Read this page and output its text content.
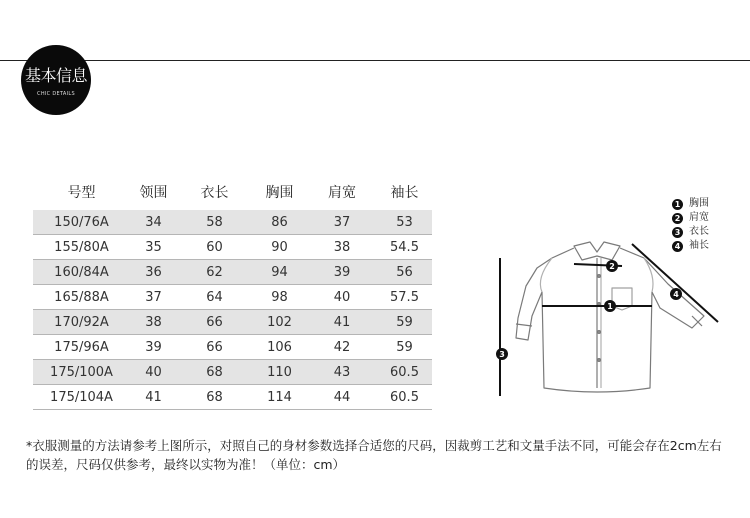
基本信息
CHIC DETAILS
号型	领围	衣长	胸围	肩宽	袖长
150/76A	34	58	86	37	53
155/80A	35	60	90	38	54.5
160/84A	36	62	94	39	56
165/88A	37	64	98	40	57.5
170/92A	38	66	102	41	59
175/96A	39	66	106	42	59
175/100A	40	68	110	43	60.5
175/104A	41	68	114	44	60.5
2
1
3
4
1 胸围
2 肩宽
3 衣长
4 袖长
*衣服测量的方法请参考上图所示，对照自己的身材参数选择合适您的尺码，因裁剪工艺和文量手法不同，可能会存在2cm左右的误差，尺码仅供参考，最终以实物为准！（单位：cm）
